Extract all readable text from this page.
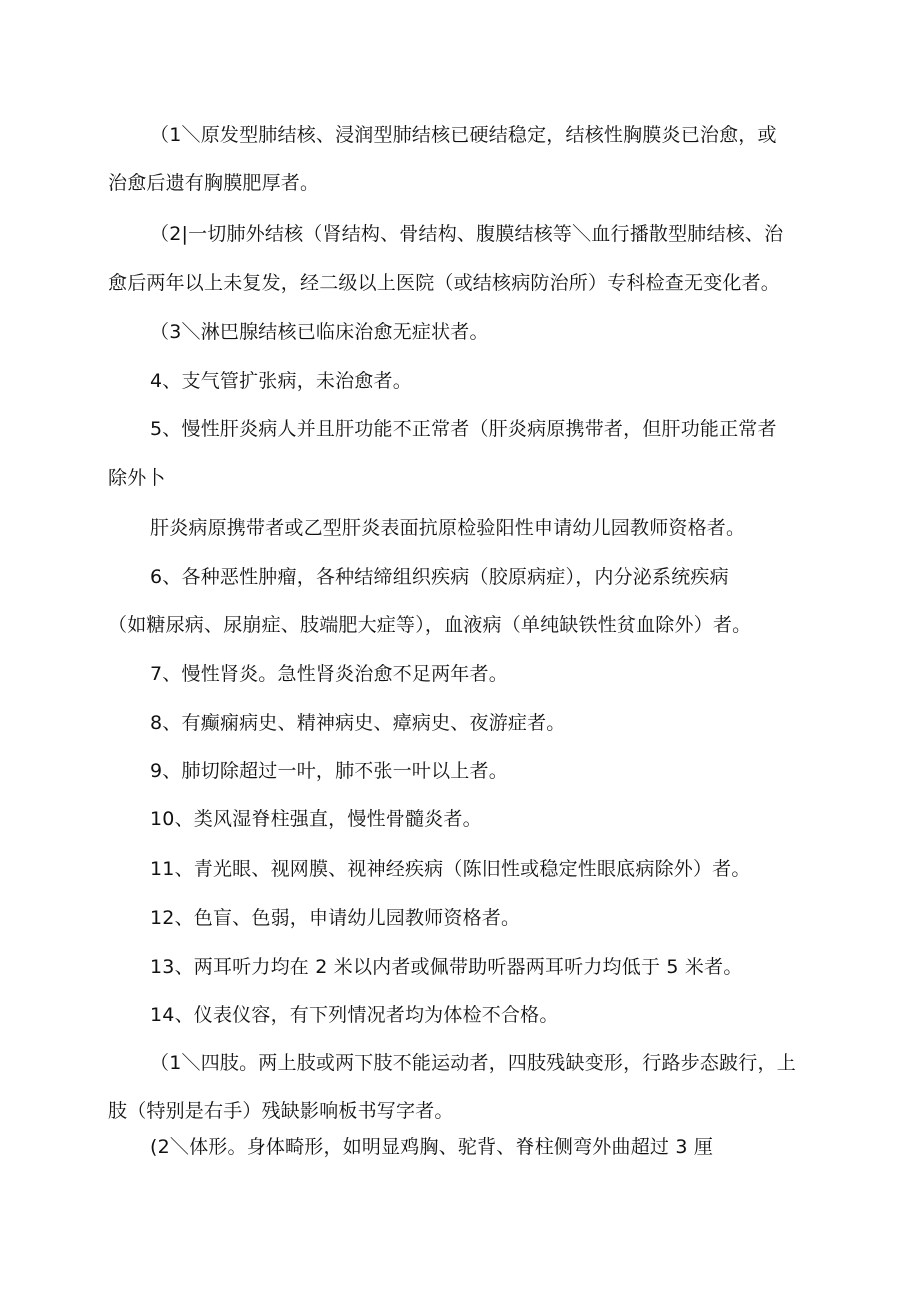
（1＼原发型肺结核、浸润型肺结核已硬结稳定，结核性胸膜炎已治愈，或
治愈后遗有胸膜肥厚者。
（2|一切肺外结核（肾结构、骨结构、腹膜结核等＼血行播散型肺结核、治
愈后两年以上未复发，经二级以上医院（或结核病防治所）专科检查无变化者。
（3＼淋巴腺结核已临床治愈无症状者。
4、支气管扩张病，未治愈者。
5、慢性肝炎病人并且肝功能不正常者（肝炎病原携带者，但肝功能正常者
除外卜
肝炎病原携带者或乙型肝炎表面抗原检验阳性申请幼儿园教师资格者。
6、各种恶性肿瘤，各种结缔组织疾病（胶原病症），内分泌系统疾病
（如糖尿病、尿崩症、肢端肥大症等），血液病（单纯缺铁性贫血除外）者。
7、慢性肾炎。急性肾炎治愈不足两年者。
8、有癫痫病史、精神病史、瘴病史、夜游症者。
9、肺切除超过一叶，肺不张一叶以上者。
10、类风湿脊柱强直，慢性骨髓炎者。
11、青光眼、视网膜、视神经疾病（陈旧性或稳定性眼底病除外）者。
12、色盲、色弱，申请幼儿园教师资格者。
13、两耳听力均在 2 米以内者或佩带助听器两耳听力均低于 5 米者。
14、仪表仪容，有下列情况者均为体检不合格。
（1＼四肢。两上肢或两下肢不能运动者，四肢残缺变形，行路步态跛行，上
肢（特别是右手）残缺影响板书写字者。
(2＼体形。身体畸形，如明显鸡胸、驼背、脊柱侧弯外曲超过 3 厘
